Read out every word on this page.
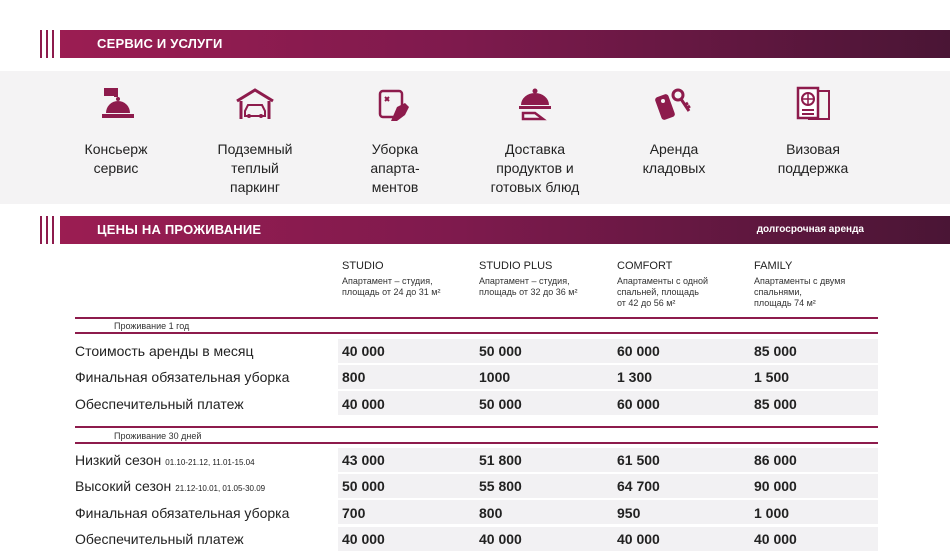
СЕРВИС И УСЛУГИ
Консьерж
сервис
Подземный
теплый
паркинг
Уборка
апарта-
ментов
Доставка
продуктов и
готовых блюд
Аренда
кладовых
Визовая
поддержка
ЦЕНЫ НА ПРОЖИВАНИЕ	долгосрочная аренда
STUDIO
Апартамент – студия,
площадь от 24 до 31 м²
STUDIO PLUS
Апартамент – студия,
площадь от 32 до 36 м²
COMFORT
Апартаменты с одной
спальней, площадь
от 42 до 56 м²
FAMILY
Апартаменты с двумя
спальнями,
площадь 74 м²
Проживание 1 год
Стоимость аренды в месяц	40 000	50 000	60 000	85 000
Финальная обязательная уборка	800	1000	1 300	1 500
Обеспечительный платеж	40 000	50 000	60 000	85 000
Проживание 30 дней
Низкий сезон 01.10-21.12, 11.01-15.04	43 000	51 800	61 500	86 000
Высокий сезон 21.12-10.01, 01.05-30.09	50 000	55 800	64 700	90 000
Финальная обязательная уборка	700	800	950	1 000
Обеспечительный платеж	40 000	40 000	40 000	40 000
